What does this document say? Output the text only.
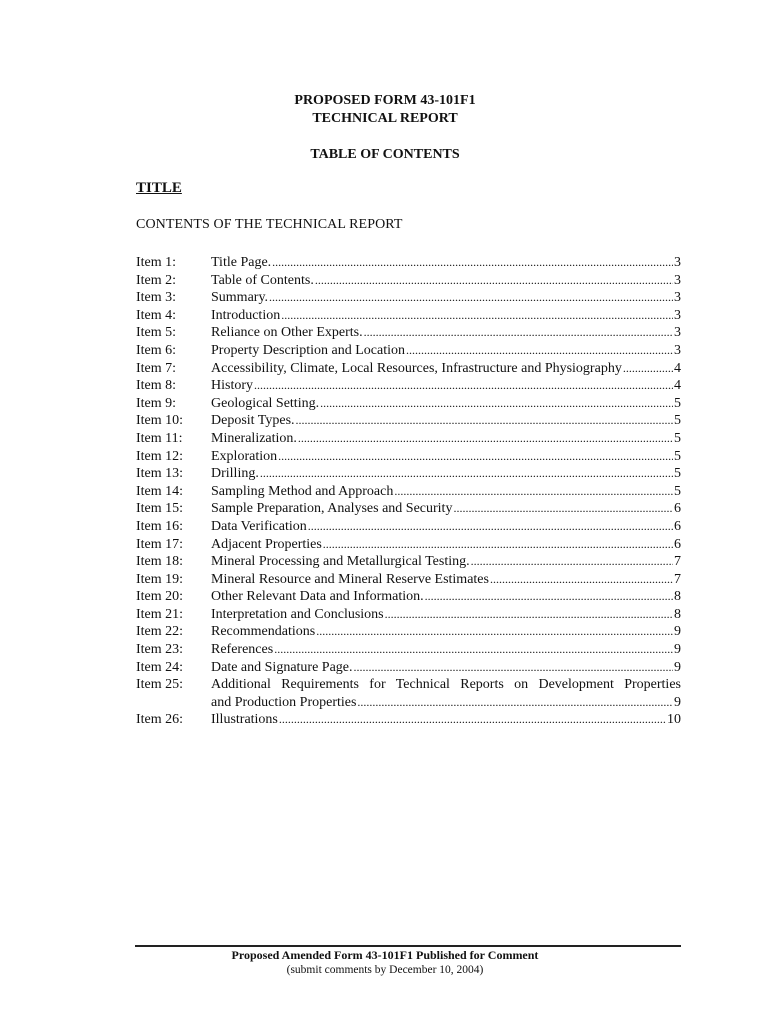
PROPOSED FORM 43-101F1
TECHNICAL REPORT
TABLE OF CONTENTS
TITLE
CONTENTS OF THE TECHNICAL REPORT
Item 1:	Title Page. .....	3
Item 2:	Table of Contents. .....	3
Item 3:	Summary. .....	3
Item 4:	Introduction .....	3
Item 5:	Reliance on Other Experts. .....	3
Item 6:	Property Description and Location .....	3
Item 7:	Accessibility, Climate, Local Resources, Infrastructure and Physiography .....	4
Item 8:	History .....	4
Item 9:	Geological Setting. .....	5
Item 10:	Deposit Types. .....	5
Item 11:	Mineralization. .....	5
Item 12:	Exploration .....	5
Item 13:	Drilling. .....	5
Item 14:	Sampling Method and Approach .....	5
Item 15:	Sample Preparation, Analyses and Security .....	6
Item 16:	Data Verification .....	6
Item 17:	Adjacent Properties .....	6
Item 18:	Mineral Processing and Metallurgical Testing. .....	7
Item 19:	Mineral Resource and Mineral Reserve Estimates .....	7
Item 20:	Other Relevant Data and Information. .....	8
Item 21:	Interpretation and Conclusions .....	8
Item 22:	Recommendations .....	9
Item 23:	References .....	9
Item 24:	Date and Signature Page. .....	9
Item 25:	Additional Requirements for Technical Reports on Development Properties
and Production Properties .....	9
Item 26:	Illustrations .....	10
Proposed Amended Form 43-101F1 Published for Comment
(submit comments by December 10, 2004)
